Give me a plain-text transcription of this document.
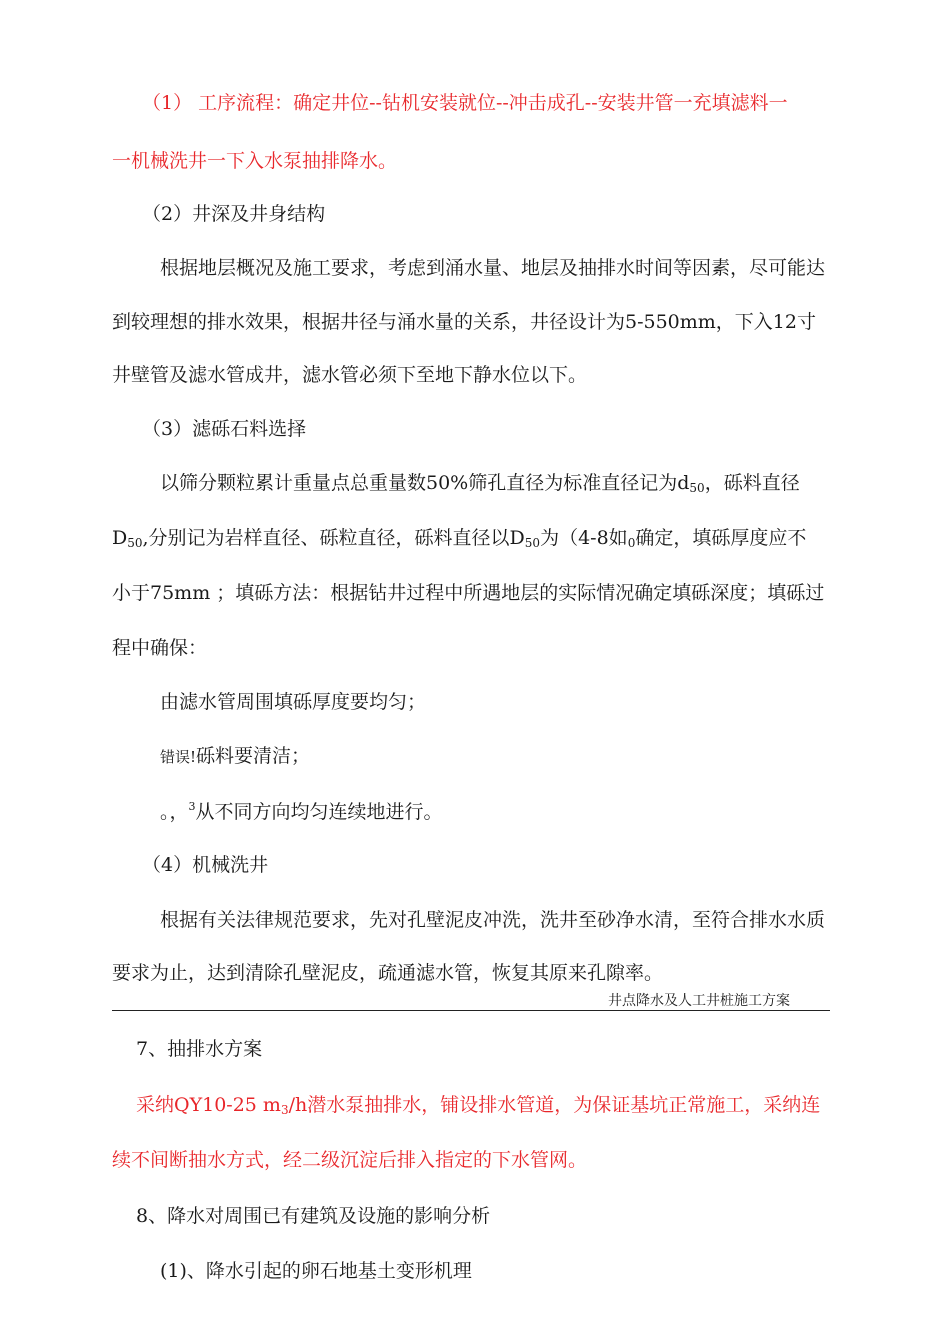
（1） 工序流程：确定井位--钻机安装就位--冲击成孔--安装井管一充填滤料一
一机械洗井一下入水泵抽排降水。
（2）井深及井身结构
根据地层概况及施工要求，考虑到涌水量、地层及抽排水时间等因素，尽可能达
到较理想的排水效果，根据井径与涌水量的关系，井径设计为5-550mm，下入12寸
井壁管及滤水管成井，滤水管必须下至地下静水位以下。
（3）滤砾石料选择
以筛分颗粒累计重量点总重量数50%筛孔直径为标准直径记为$d_{50}$，砾料直径
$D_{50}$,分别记为岩样直径、砾粒直径，砾料直径以$D_{50}$为（4-8如$_0$确定，填砾厚度应不
小于75mm ；填砾方法：根据钻井过程中所遇地层的实际情况确定填砾深度；填砾过
程中确保：
由滤水管周围填砾厚度要均匀；
错误!砾料要清洁；
。，$^3$从不同方向均匀连续地进行。
（4）机械洗井
根据有关法律规范要求，先对孔壁泥皮冲洗，洗井至砂净水清，至符合排水水质
要求为止，达到清除孔壁泥皮，疏通滤水管，恢复其原来孔隙率。
井点降水及人工井桩施工方案
7、抽排水方案
采纳QY10-25 $m_3/h$潜水泵抽排水，铺设排水管道，为保证基坑正常施工，采纳连
续不间断抽水方式，经二级沉淀后排入指定的下水管网。
8、降水对周围已有建筑及设施的影响分析
(1)、降水引起的卵石地基土变形机理
